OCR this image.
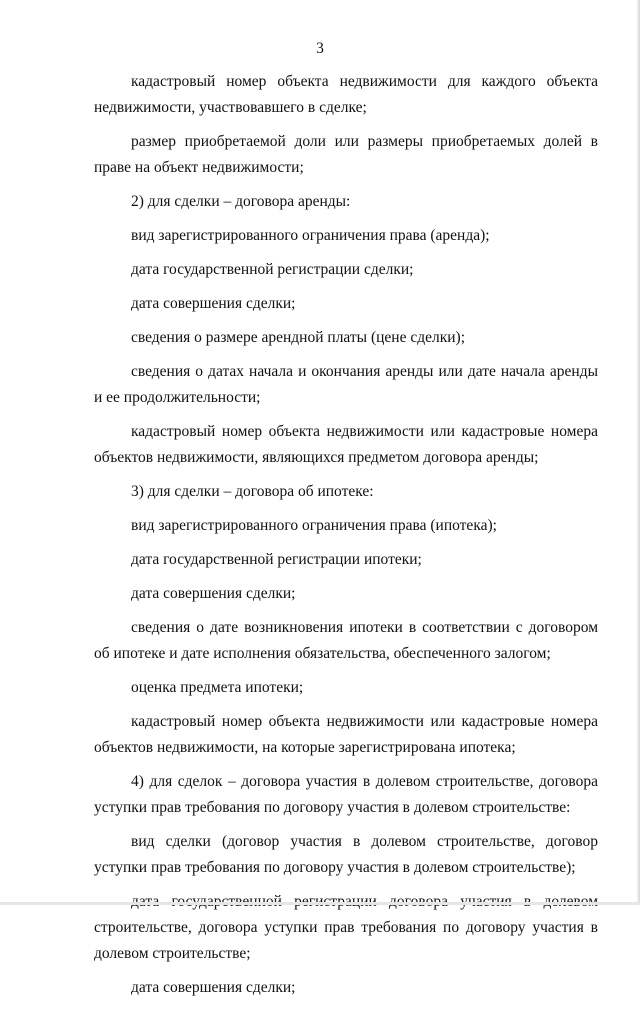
3

кадастровый номер объекта недвижимости для каждого объекта недвижимости, участвовавшего в сделке;

размер приобретаемой доли или размеры приобретаемых долей в праве на объект недвижимости;

2) для сделки – договора аренды:

вид зарегистрированного ограничения права (аренда);

дата государственной регистрации сделки;

дата совершения сделки;

сведения о размере арендной платы (цене сделки);

сведения о датах начала и окончания аренды или дате начала аренды и ее продолжительности;

кадастровый номер объекта недвижимости или кадастровые номера объектов недвижимости, являющихся предметом договора аренды;

3) для сделки – договора об ипотеке:

вид зарегистрированного ограничения права (ипотека);

дата государственной регистрации ипотеки;

дата совершения сделки;

сведения о дате возникновения ипотеки в соответствии с договором об ипотеке и дате исполнения обязательства, обеспеченного залогом;

оценка предмета ипотеки;

кадастровый номер объекта недвижимости или кадастровые номера объектов недвижимости, на которые зарегистрирована ипотека;

4) для сделок – договора участия в долевом строительстве, договора уступки прав требования по договору участия в долевом строительстве:

вид сделки (договор участия в долевом строительстве, договор уступки прав требования по договору участия в долевом строительстве);

строительстве, договора уступки прав требования по договору участия в долевом строительстве;

дата совершения сделки;
